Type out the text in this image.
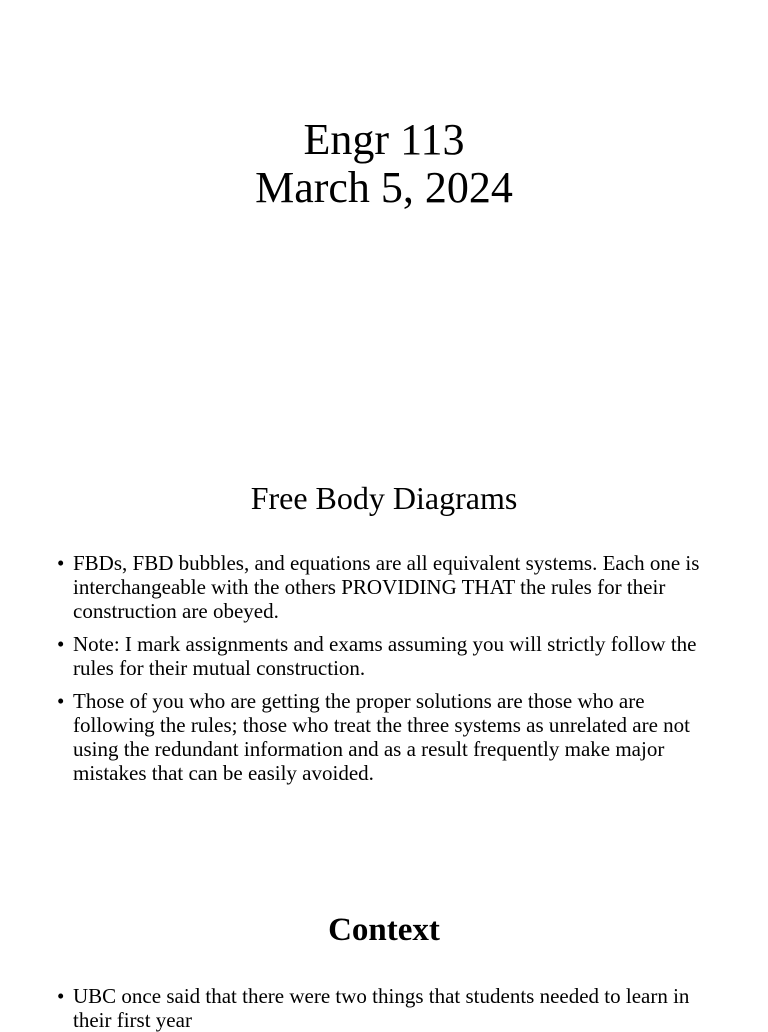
Engr 113
March 5, 2024
Free Body Diagrams
• FBDs, FBD bubbles, and equations are all equivalent systems. Each one is interchangeable with the others PROVIDING THAT the rules for their construction are obeyed.
• Note: I mark assignments and exams assuming you will strictly follow the rules for their mutual construction.
• Those of you who are getting the proper solutions are those who are following the rules; those who treat the three systems as unrelated are not using the redundant information and as a result frequently make major mistakes that can be easily avoided.
Context
• UBC once said that there were two things that students needed to learn in their first year
